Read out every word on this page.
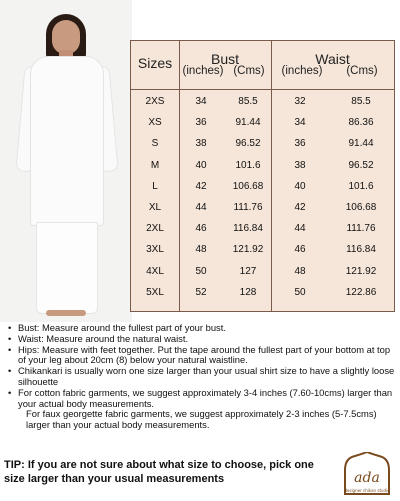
Sizes	Bust	Waist
(inches) (Cms)	(inches)	(Cms)
2XS	34	85.5	32	85.5
XS	36	91.44	34	86.36
S	38	96.52	36	91.44
M	40	101.6	38	96.52
L	42	106.68	40	101.6
XL	44	111.76	42	106.68
2XL	46	116.84	44	111.76
3XL	48	121.92	46	116.84
4XL	50	127	48	121.92
5XL	52	128	50	122.86

• Bust: Measure around the fullest part of your bust.

• Waist: Measure around the natural waist.

• Hips: Measure with feet together. Put the tape around the fullest part of your bottom at top of your leg about 20cm (8) below your natural waistline.

• Chikankari is usually worn one size larger than your usual shirt size to have a slightly loose silhouette

• For cotton fabric garments, we suggest approximately 3-4 inches (7.60-10cms) larger than your actual body measurements.

For faux georgette fabric garments, we suggest approximately 2-3 inches (5-7.5cms) larger than your actual body measurements.

TIP: If you are not sure about what size to choose, pick one size larger than your usual measurements	ada
designer chikan studio
